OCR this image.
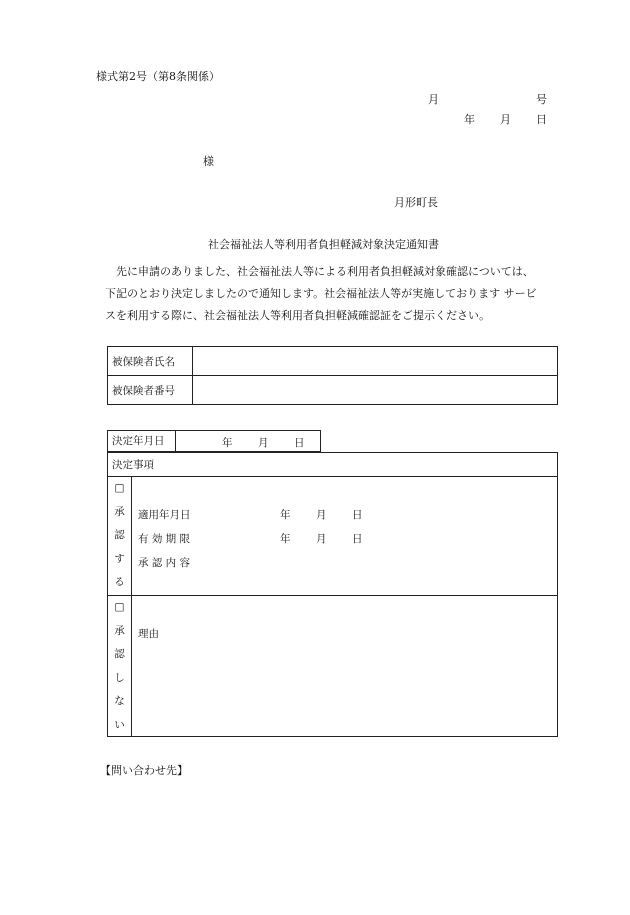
様式第2号（第8条関係）
月	号
年 月 日
様
月形町長
社会福祉法人等利用者負担軽減対象決定通知書
先に申請のありました、社会福祉法人等による利用者負担軽減対象確認については、
下記のとおり決定しましたので通知します。社会福祉法人等が実施しております サービ
スを利用する際に、社会福祉法人等利用者負担軽減確認証をご提示ください。
被保険者氏名	
被保険者番号	
決定年月日	年 月 日
決定事項
□
承
認
す
る
適用年月日	年 月 日
有 効 期 限	年 月 日
承 認 内 容
□
承
認
し
な
い
理由
【問い合わせ先】
